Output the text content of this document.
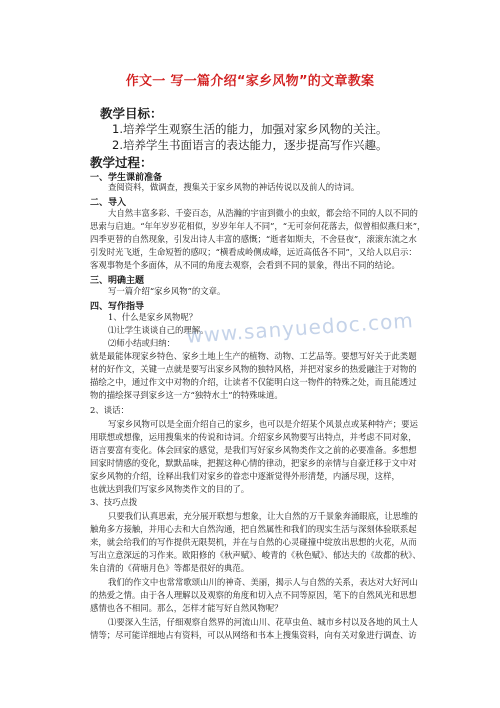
作文一 写一篇介绍“家乡风物”的文章教案
教学目标：
1.培养学生观察生活的能力，加强对家乡风物的关注。
2.培养学生书面语言的表达能力，逐步提高写作兴趣。
教学过程：
一、学生课前准备
查阅资料，做调查，搜集关于家乡风物的神话传说以及前人的诗词。
二、导入
大自然丰富多彩、千姿百态，从浩瀚的宇宙到微小的虫蚁，都会给不同的人以不同的
思索与启迪。“年年岁岁花相似，岁岁年年人不同”，“无可奈何花落去，似曾相似燕归来”，
四季更替的自然现象，引发出诗人丰富的感慨；“逝者如斯夫，不舍昼夜”，滚滚东流之水
引发时光飞逝，生命短暂的感叹；“横看成岭侧成峰，远近高低各不同”，又给人以启示：
客观事物是个多面体，从不同的角度去观察，会看到不同的景象，得出不同的结论。
三、明确主题
写一篇介绍“家乡风物”的文章。
四、写作指导
1、什么是家乡风物呢？
⑴让学生谈谈自己的理解。
⑵师小结或归纳：
就是最能体现家乡特色、家乡土地上生产的植物、动物、工艺品等。要想写好关于此类题
材的好作文，关键一点就是要写出家乡风物的独特风格，并把对家乡的热爱融注于对物的
描绘之中，通过作文中对物的介绍，让读者不仅能明白这一物件的特殊之处，而且能透过
物的描绘探寻到家乡这一方“独特水土”的特殊味道。
2、谈话：
写家乡风物可以是全面介绍自己的家乡，也可以是介绍某个风景点或某种特产；要运
用联想或想像，运用搜集来的传说和诗词。介绍家乡风物要写出特点，并考虑不同对象，
语言要富有变化。体会回家的感觉，是我们写好家乡风物类作文之前的必要准备。多想想
回家时情感的变化，默默品味，把握这种心情的律动，把家乡的亲情与自豪迁移于文中对
家乡风物的介绍，诠释出我们对家乡的眷恋中逐渐觉得外形清楚，内涵尽现，这样，
也就达到我们写家乡风物类作文的目的了。
3、技巧点拨
只要我们认真思索，充分展开联想与想象，让大自然的万千景象奔涌眼底，让思维的
触角多方接触，并用心去和大自然沟通，把自然属性和我们的现实生活与深刻体验联系起
来，就会给我们的写作提供无限契机，并在与自然的心灵碰撞中绽放出思想的火花，从而
写出立意深远的习作来。欧阳修的《秋声赋》、峻青的《秋色赋》、郁达夫的《故都的秋》、
朱自清的《荷塘月色》等都是很好的典范。
我们的作文中也常常歌颂山川的神奇、美丽，揭示人与自然的关系，表达对大好河山
的热爱之情。由于各人理解以及观察的角度和切入点不同等原因，笔下的自然风光和思想
感情也各不相同。那么，怎样才能写好自然风物呢？
⑴要深入生活，仔细观察自然界的河流山川、花草虫鱼、城市乡村以及各地的风土人
情等；尽可能详细地占有资料，可以从网络和书本上搜集资料，向有关对象进行调查、访
www.sanyuedoc.com
